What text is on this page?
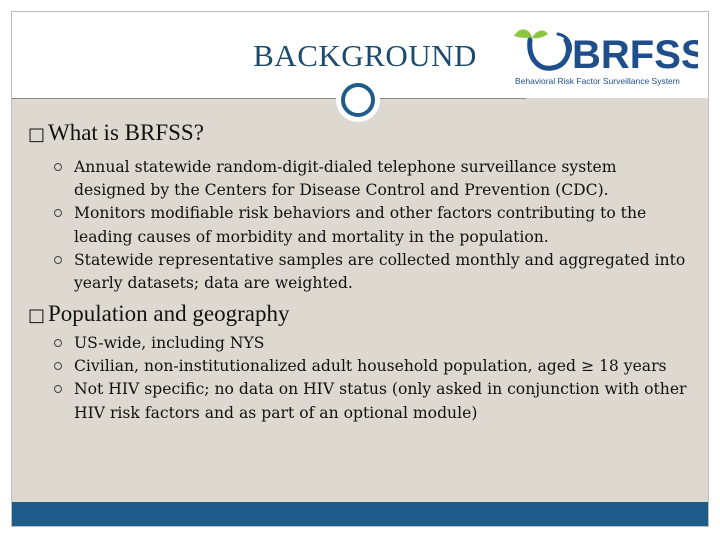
BACKGROUND	BRFSS
Behavioral Risk Factor Surveillance System
□ What is BRFSS?
Annual statewide random-digit-dialed telephone surveillance system designed by the Centers for Disease Control and Prevention (CDC).
Monitors modifiable risk behaviors and other factors contributing to the leading causes of morbidity and mortality in the population.
Statewide representative samples are collected monthly and aggregated into yearly datasets; data are weighted.
□ Population and geography
US-wide, including NYS
Civilian, non-institutionalized adult household population, aged ≥ 18 years
Not HIV specific; no data on HIV status (only asked in conjunction with other HIV risk factors and as part of an optional module)
